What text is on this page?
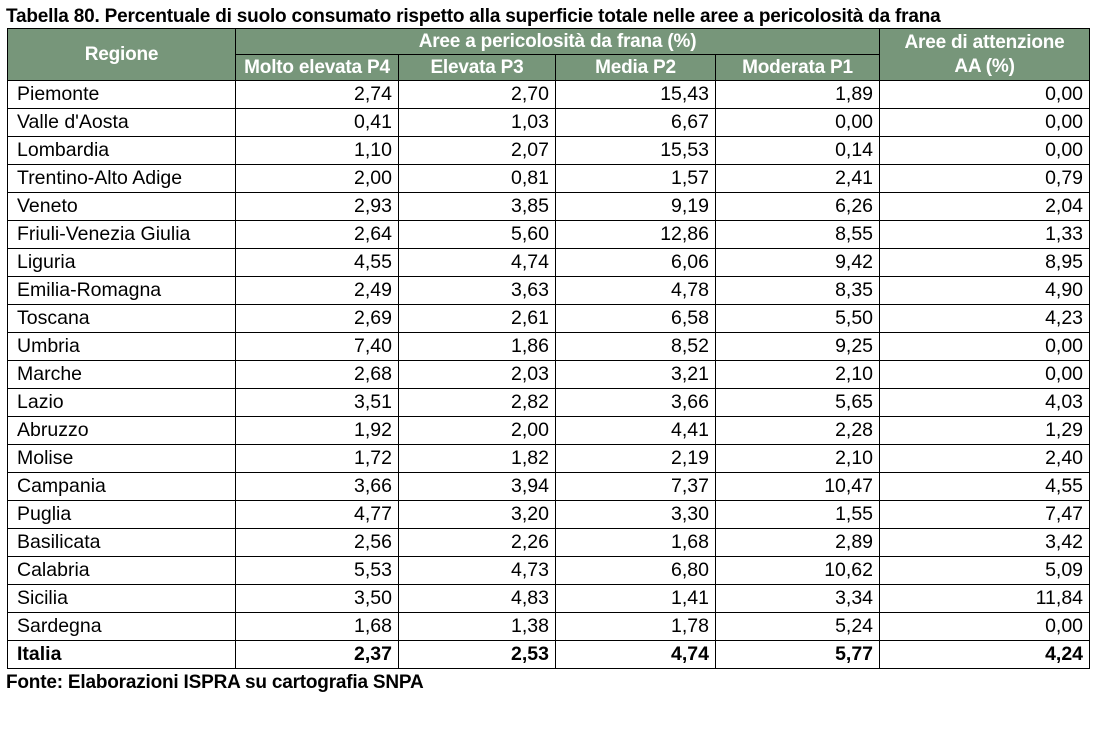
Tabella 80. Percentuale di suolo consumato rispetto alla superficie totale nelle aree a pericolosità da frana

Regione	Aree a pericolosità da frana (%)				Aree di attenzione
AA (%)
	Molto elevata P4	Elevata P3	Media P2	Moderata P1	
Piemonte	2,74	2,70	15,43	1,89	0,00
Valle d'Aosta	0,41	1,03	6,67	0,00	0,00
Lombardia	1,10	2,07	15,53	0,14	0,00
Trentino-Alto Adige	2,00	0,81	1,57	2,41	0,79
Veneto	2,93	3,85	9,19	6,26	2,04
Friuli-Venezia Giulia	2,64	5,60	12,86	8,55	1,33
Liguria	4,55	4,74	6,06	9,42	8,95
Emilia-Romagna	2,49	3,63	4,78	8,35	4,90
Toscana	2,69	2,61	6,58	5,50	4,23
Umbria	7,40	1,86	8,52	9,25	0,00
Marche	2,68	2,03	3,21	2,10	0,00
Lazio	3,51	2,82	3,66	5,65	4,03
Abruzzo	1,92	2,00	4,41	2,28	1,29
Molise	1,72	1,82	2,19	2,10	2,40
Campania	3,66	3,94	7,37	10,47	4,55
Puglia	4,77	3,20	3,30	1,55	7,47
Basilicata	2,56	2,26	1,68	2,89	3,42
Calabria	5,53	4,73	6,80	10,62	5,09
Sicilia	3,50	4,83	1,41	3,34	11,84
Sardegna	1,68	1,38	1,78	5,24	0,00
Italia	2,37	2,53	4,74	5,77	4,24

Fonte: Elaborazioni ISPRA su cartografia SNPA
